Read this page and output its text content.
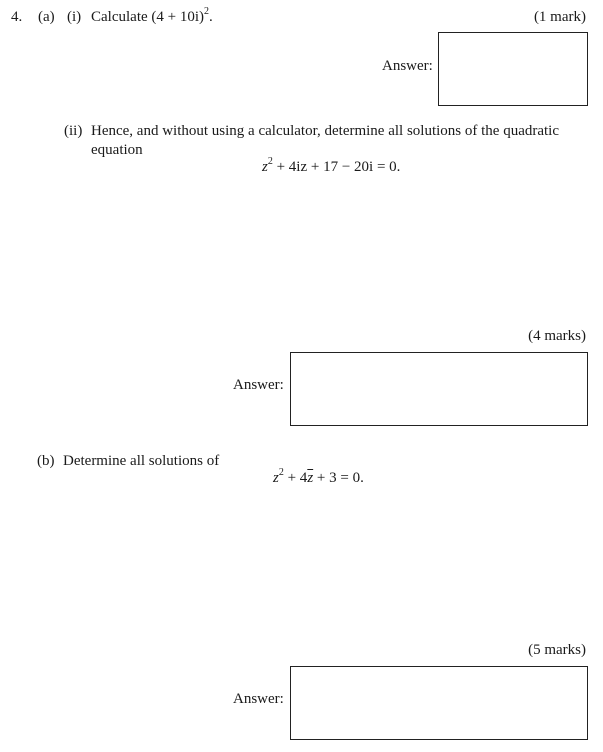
4. (a) (i) Calculate $(4 + 10i)^2$.	(1 mark)
Answer:
(ii) Hence, and without using a calculator, determine all solutions of the quadratic
equation
$z^2 + 4iz + 17 - 20i = 0$.
(4 marks)
Answer:
(b) Determine all solutions of
$z^2 + 4\overline{z} + 3 = 0$.
(5 marks)
Answer:
